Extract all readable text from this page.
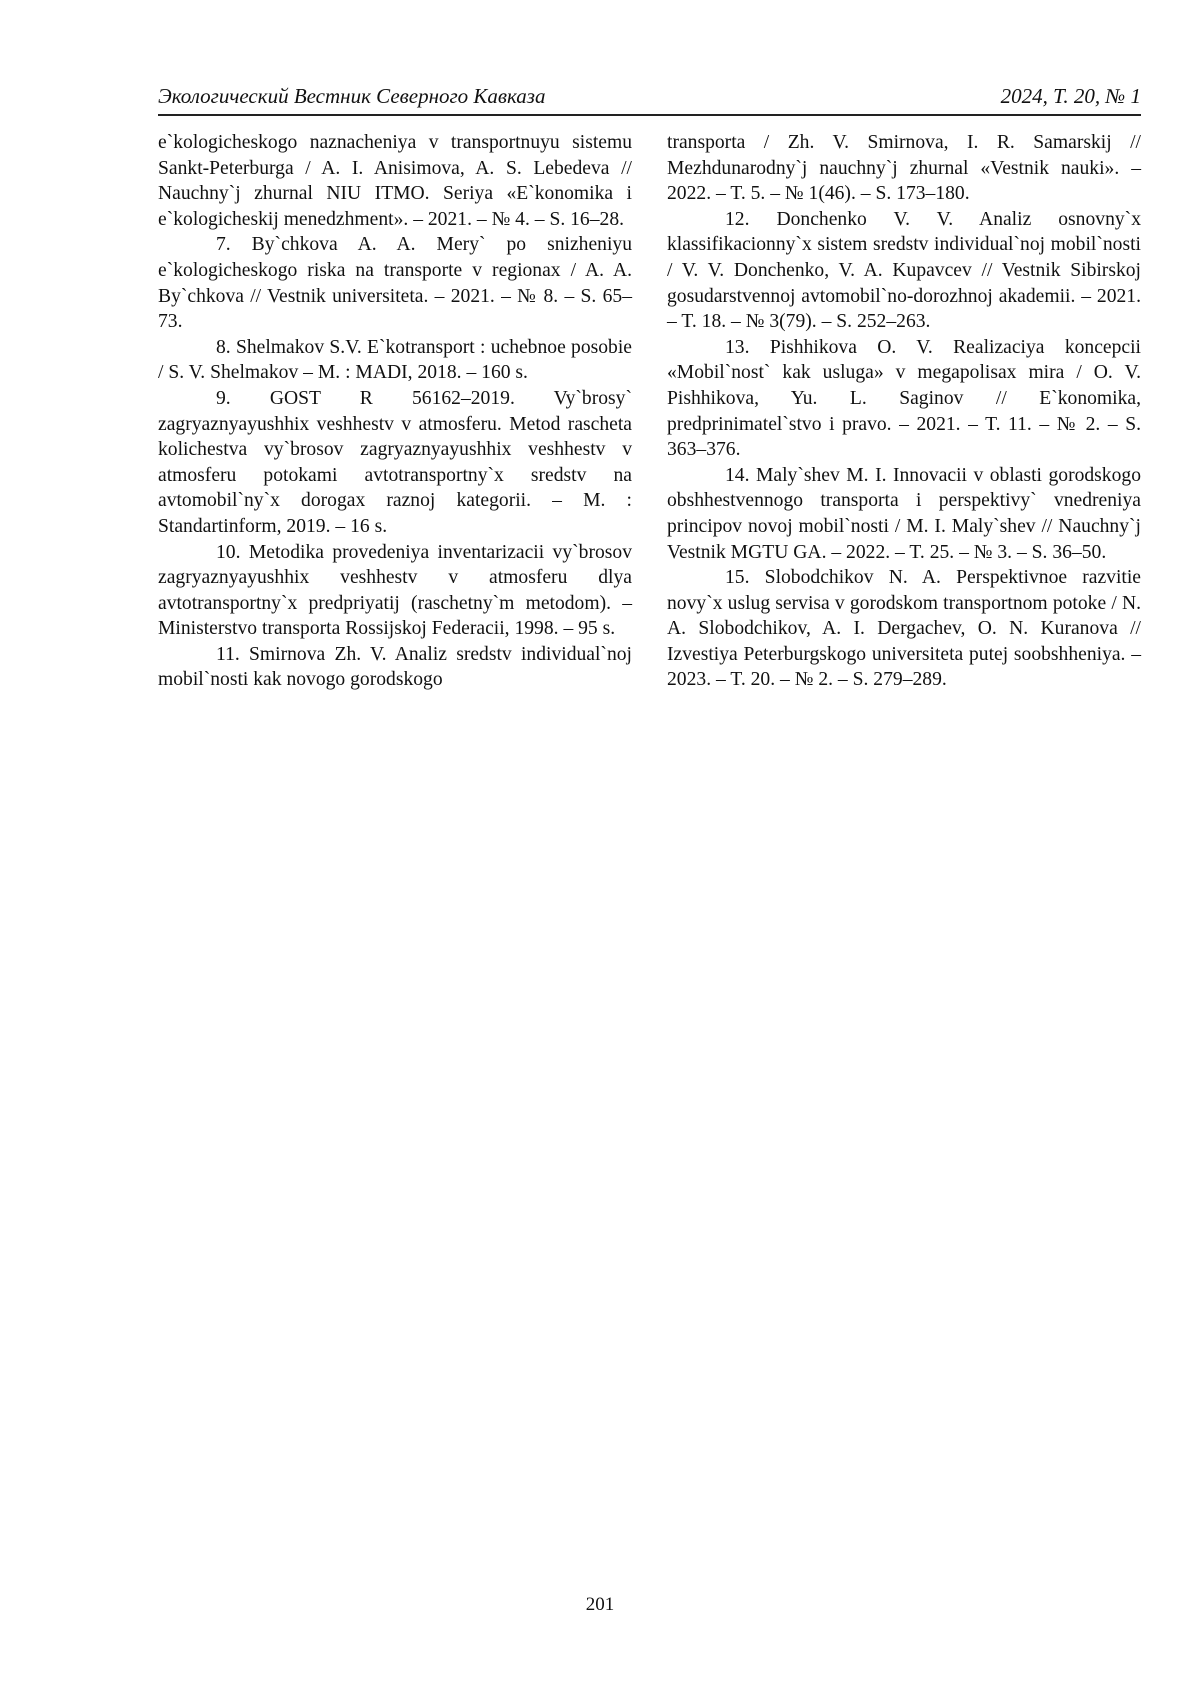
Экологический Вестник Северного Кавказа	2024, Т. 20, № 1

e`kologicheskogo naznacheniya v transportnuyu sistemu Sankt-Peterburga / A. I. Anisimova, A. S. Lebedeva // Nauchny`j zhurnal NIU ITMO. Seriya «E`konomika i e`kologicheskij menedzhment». – 2021. – № 4. – S. 16–28.

7. By`chkova A. A. Mery` po snizheniyu e`kologicheskogo riska na transporte v regionax / A. A. By`chkova // Vestnik universiteta. – 2021. – № 8. – S. 65–73.

8. Shelmakov S.V. E`kotransport : uchebnoe posobie / S. V. Shelmakov – M. : MADI, 2018. – 160 s.

9. GOST R 56162–2019. Vy`brosy` zagryaznyayushhix veshhestv v atmosferu. Metod rascheta kolichestva vy`brosov zagryaznyayushhix veshhestv v atmosferu potokami avtotransportny`x sredstv na avtomobil`ny`x dorogax raznoj kategorii. – M. : Standartinform, 2019. – 16 s.

10. Metodika provedeniya inventarizacii vy`brosov zagryaznyayushhix veshhestv v atmosferu dlya avtotransportny`x predpriyatij (raschetny`m metodom). – Ministerstvo transporta Rossijskoj Federacii, 1998. – 95 s.

11. Smirnova Zh. V. Analiz sredstv individual`noj mobil`nosti kak novogo gorodskogo

transporta / Zh. V. Smirnova, I. R. Samarskij // Mezhdunarodny`j nauchny`j zhurnal «Vestnik nauki». – 2022. – T. 5. – № 1(46). – S. 173–180.

12. Donchenko V. V. Analiz osnovny`x klassifikacionny`x sistem sredstv individual`noj mobil`nosti / V. V. Donchenko, V. A. Kupavcev // Vestnik Sibirskoj gosudarstvennoj avtomobil`no-dorozhnoj akademii. – 2021. – T. 18. – № 3(79). – S. 252–263.

13. Pishhikova O. V. Realizaciya koncepcii «Mobil`nost` kak usluga» v megapolisax mira / O. V. Pishhikova, Yu. L. Saginov // E`konomika, predprinimatel`stvo i pravo. – 2021. – T. 11. – № 2. – S. 363–376.

14. Maly`shev M. I. Innovacii v oblasti gorodskogo obshhestvennogo transporta i perspektivy` vnedreniya principov novoj mobil`nosti / M. I. Maly`shev // Nauchny`j Vestnik MGTU GA. – 2022. – T. 25. – № 3. – S. 36–50.

15. Slobodchikov N. A. Perspektivnoe razvitie novy`x uslug servisa v gorodskom transportnom potoke / N. A. Slobodchikov, A. I. Dergachev, O. N. Kuranova // Izvestiya Peterburgskogo universiteta putej soobshheniya. – 2023. – T. 20. – № 2. – S. 279–289.

201
